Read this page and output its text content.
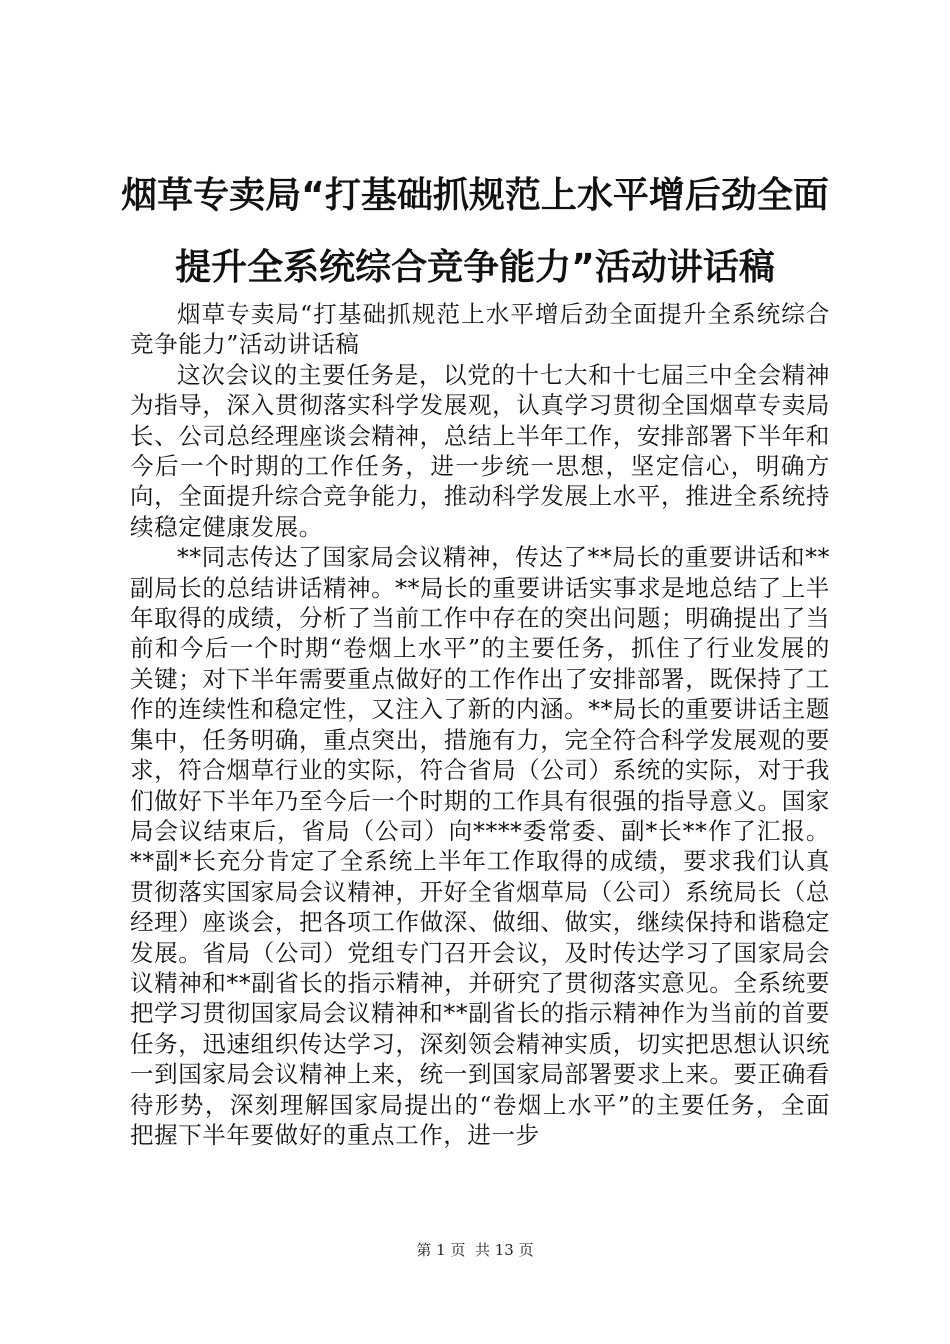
烟草专卖局“打基础抓规范上水平增后劲全面
提升全系统综合竞争能力”活动讲话稿

烟草专卖局“打基础抓规范上水平增后劲全面提升全系统综合竞争能力”活动讲话稿

这次会议的主要任务是，以党的十七大和十七届三中全会精神为指导，深入贯彻落实科学发展观，认真学习贯彻全国烟草专卖局长、公司总经理座谈会精神，总结上半年工作，安排部署下半年和今后一个时期的工作任务，进一步统一思想，坚定信心，明确方向，全面提升综合竞争能力，推动科学发展上水平，推进全系统持续稳定健康发展。

**同志传达了国家局会议精神，传达了**局长的重要讲话和**副局长的总结讲话精神。**局长的重要讲话实事求是地总结了上半年取得的成绩，分析了当前工作中存在的突出问题；明确提出了当前和今后一个时期“卷烟上水平”的主要任务，抓住了行业发展的关键；对下半年需要重点做好的工作作出了安排部署，既保持了工作的连续性和稳定性，又注入了新的内涵。**局长的重要讲话主题集中，任务明确，重点突出，措施有力，完全符合科学发展观的要求，符合烟草行业的实际，符合省局（公司）系统的实际，对于我们做好下半年乃至今后一个时期的工作具有很强的指导意义。国家局会议结束后，省局（公司）向****委常委、副*长**作了汇报。**副*长充分肯定了全系统上半年工作取得的成绩，要求我们认真贯彻落实国家局会议精神，开好全省烟草局（公司）系统局长（总经理）座谈会，把各项工作做深、做细、做实，继续保持和谐稳定发展。省局（公司）党组专门召开会议，及时传达学习了国家局会议精神和**副省长的指示精神，并研究了贯彻落实意见。全系统要把学习贯彻国家局会议精神和**副省长的指示精神作为当前的首要任务，迅速组织传达学习，深刻领会精神实质，切实把思想认识统一到国家局会议精神上来，统一到国家局部署要求上来。要正确看待形势，深刻理解国家局提出的“卷烟上水平”的主要任务，全面把握下半年要做好的重点工作，进一步

第 1 页  共 13 页
